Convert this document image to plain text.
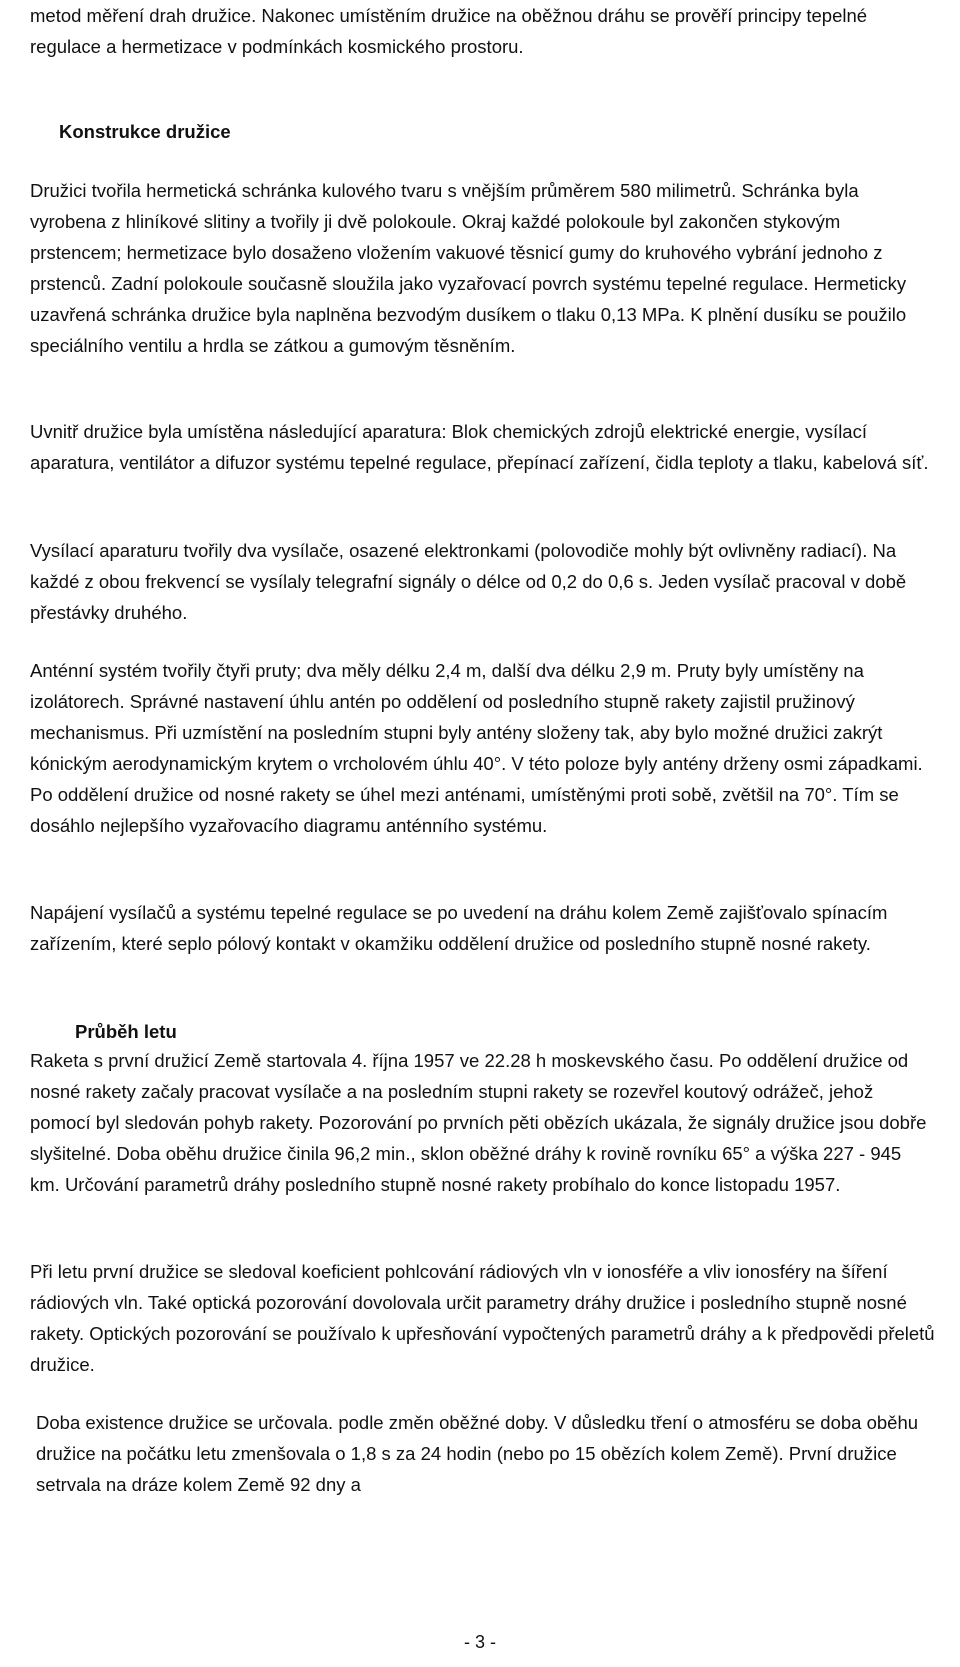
metod měření drah družice. Nakonec umístěním družice na oběžnou dráhu se prověří principy tepelné regulace a hermetizace v podmínkách kosmického prostoru.

Konstrukce družice

Družici tvořila hermetická schránka kulového tvaru s vnějším průměrem 580 milimetrů. Schránka byla vyrobena z hliníkové slitiny a tvořily ji dvě polokoule. Okraj každé polokoule byl zakončen stykovým prstencem; hermetizace bylo dosaženo vložením vakuové těsnicí gumy do kruhového vybrání jednoho z prstenců. Zadní polokoule současně sloužila jako vyzařovací povrch systému tepelné regulace. Hermeticky uzavřená schránka družice byla naplněna bezvodým dusíkem o tlaku 0,13 MPa. K plnění dusíku se použilo speciálního ventilu a hrdla se zátkou a gumovým těsněním.

Uvnitř družice byla umístěna následující aparatura: Blok chemických zdrojů elektrické energie, vysílací aparatura, ventilátor a difuzor systému tepelné regulace, přepínací zařízení, čidla teploty a tlaku, kabelová síť.

Vysílací aparaturu tvořily dva vysílače, osazené elektronkami (polovodiče mohly být ovlivněny radiací). Na každé z obou frekvencí se vysílaly telegrafní signály o délce od 0,2 do 0,6 s. Jeden vysílač pracoval v době přestávky druhého.

Anténní systém tvořily čtyři pruty; dva měly délku 2,4 m, další dva délku 2,9 m. Pruty byly umístěny na izolátorech. Správné nastavení úhlu antén po oddělení od posledního stupně rakety zajistil pružinový mechanismus. Při uzmístění na posledním stupni byly antény složeny tak, aby bylo možné družici zakrýt kónickým aerodynamickým krytem o vrcholovém úhlu 40°. V této poloze byly antény drženy osmi západkami. Po oddělení družice od nosné rakety se úhel mezi anténami, umístěnými proti sobě, zvětšil na 70°. Tím se dosáhlo nejlepšího vyzařovacího diagramu anténního systému.

Napájení vysílačů a systému tepelné regulace se po uvedení na dráhu kolem Země zajišťovalo spínacím zařízením, které seplo pólový kontakt v okamžiku oddělení družice od posledního stupně nosné rakety.

Průběh letu

Raketa s první družicí Země startovala 4. října 1957 ve 22.28 h moskevského času. Po oddělení družice od nosné rakety začaly pracovat vysílače a na posledním stupni rakety se rozevřel koutový odrážeč, jehož pomocí byl sledován pohyb rakety. Pozorování po prvních pěti obězích ukázala, že signály družice jsou dobře slyšitelné. Doba oběhu družice činila 96,2 min., sklon oběžné dráhy k rovině rovníku 65° a výška 227 - 945 km. Určování parametrů dráhy posledního stupně nosné rakety probíhalo do konce listopadu 1957.

Při letu první družice se sledoval koeficient pohlcování rádiových vln v ionosféře a vliv ionosféry na šíření rádiových vln. Také optická pozorování dovolovala určit parametry dráhy družice i posledního stupně nosné rakety. Optických pozorování se používalo k upřesňování vypočtených parametrů dráhy a k předpovědi přeletů družice.

Doba existence družice se určovala. podle změn oběžné doby. V důsledku tření o atmosféru se doba oběhu družice na počátku letu zmenšovala o 1,8 s za 24 hodin (nebo po 15 obězích kolem Země). První družice setrvala na dráze kolem Země 92 dny a

- 3 -
